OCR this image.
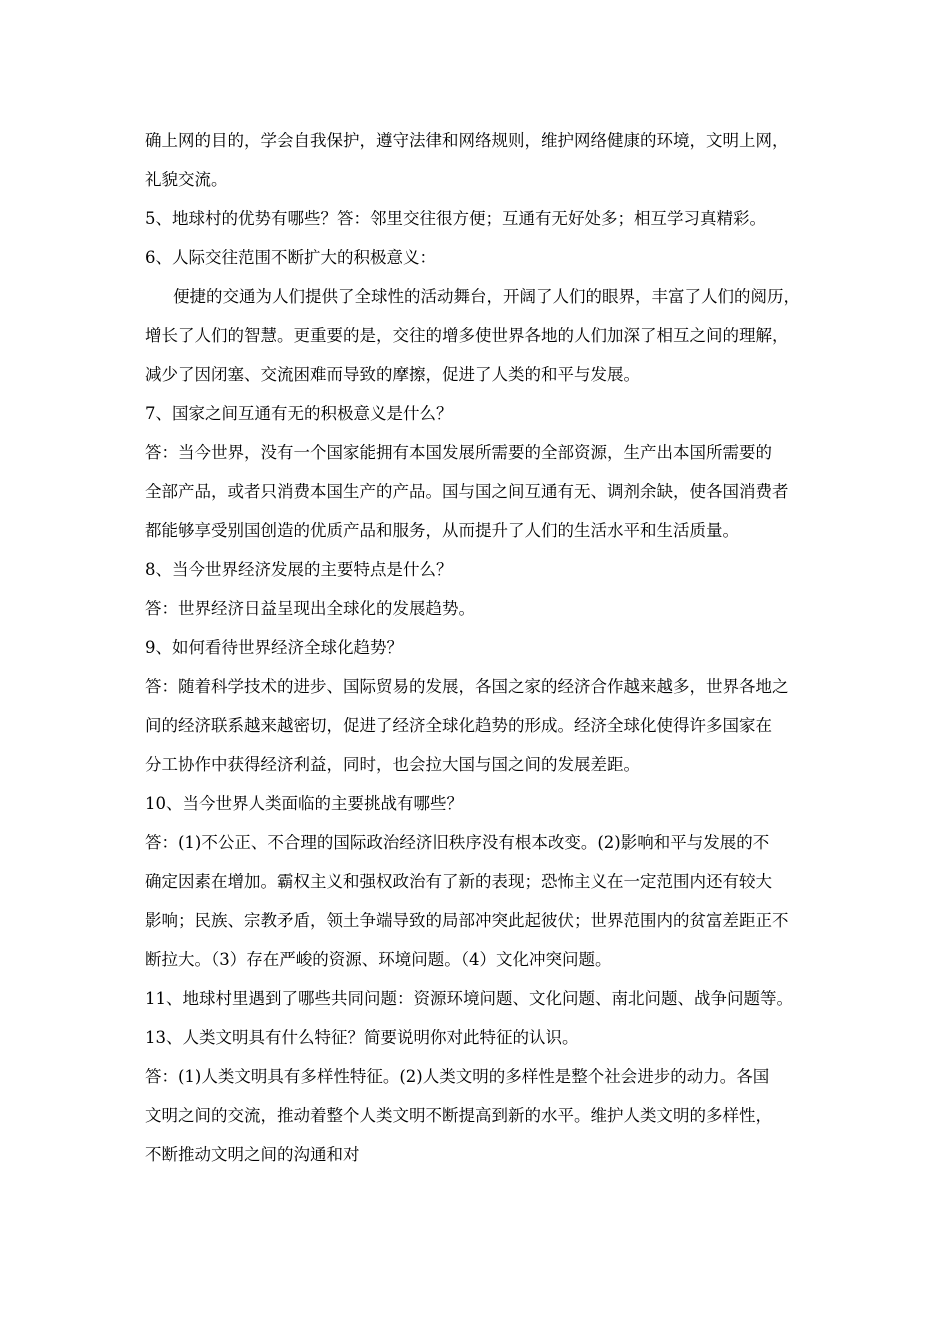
确上网的目的，学会自我保护，遵守法律和网络规则，维护网络健康的环境，文明上网，
礼貌交流。
5、地球村的优势有哪些？答：邻里交往很方便；互通有无好处多；相互学习真精彩。
6、人际交往范围不断扩大的积极意义：
便捷的交通为人们提供了全球性的活动舞台，开阔了人们的眼界，丰富了人们的阅历，
增长了人们的智慧。更重要的是，交往的增多使世界各地的人们加深了相互之间的理解，
减少了因闭塞、交流困难而导致的摩擦，促进了人类的和平与发展。
7、国家之间互通有无的积极意义是什么？
答：当今世界，没有一个国家能拥有本国发展所需要的全部资源，生产出本国所需要的
全部产品，或者只消费本国生产的产品。国与国之间互通有无、调剂余缺，使各国消费者
都能够享受别国创造的优质产品和服务，从而提升了人们的生活水平和生活质量。
8、当今世界经济发展的主要特点是什么？
答：世界经济日益呈现出全球化的发展趋势。
9、如何看待世界经济全球化趋势？
答：随着科学技术的进步、国际贸易的发展，各国之家的经济合作越来越多，世界各地之
间的经济联系越来越密切，促进了经济全球化趋势的形成。经济全球化使得许多国家在
分工协作中获得经济利益，同时，也会拉大国与国之间的发展差距。
10、当今世界人类面临的主要挑战有哪些？
答：(1)不公正、不合理的国际政治经济旧秩序没有根本改变。(2)影响和平与发展的不
确定因素在增加。霸权主义和强权政治有了新的表现；恐怖主义在一定范围内还有较大
影响；民族、宗教矛盾，领土争端导致的局部冲突此起彼伏；世界范围内的贫富差距正不
断拉大。（3）存在严峻的资源、环境问题。（4）文化冲突问题。
11、地球村里遇到了哪些共同问题：资源环境问题、文化问题、南北问题、战争问题等。
13、人类文明具有什么特征？简要说明你对此特征的认识。
答：(1)人类文明具有多样性特征。(2)人类文明的多样性是整个社会进步的动力。各国
文明之间的交流，推动着整个人类文明不断提高到新的水平。维护人类文明的多样性，
不断推动文明之间的沟通和对
